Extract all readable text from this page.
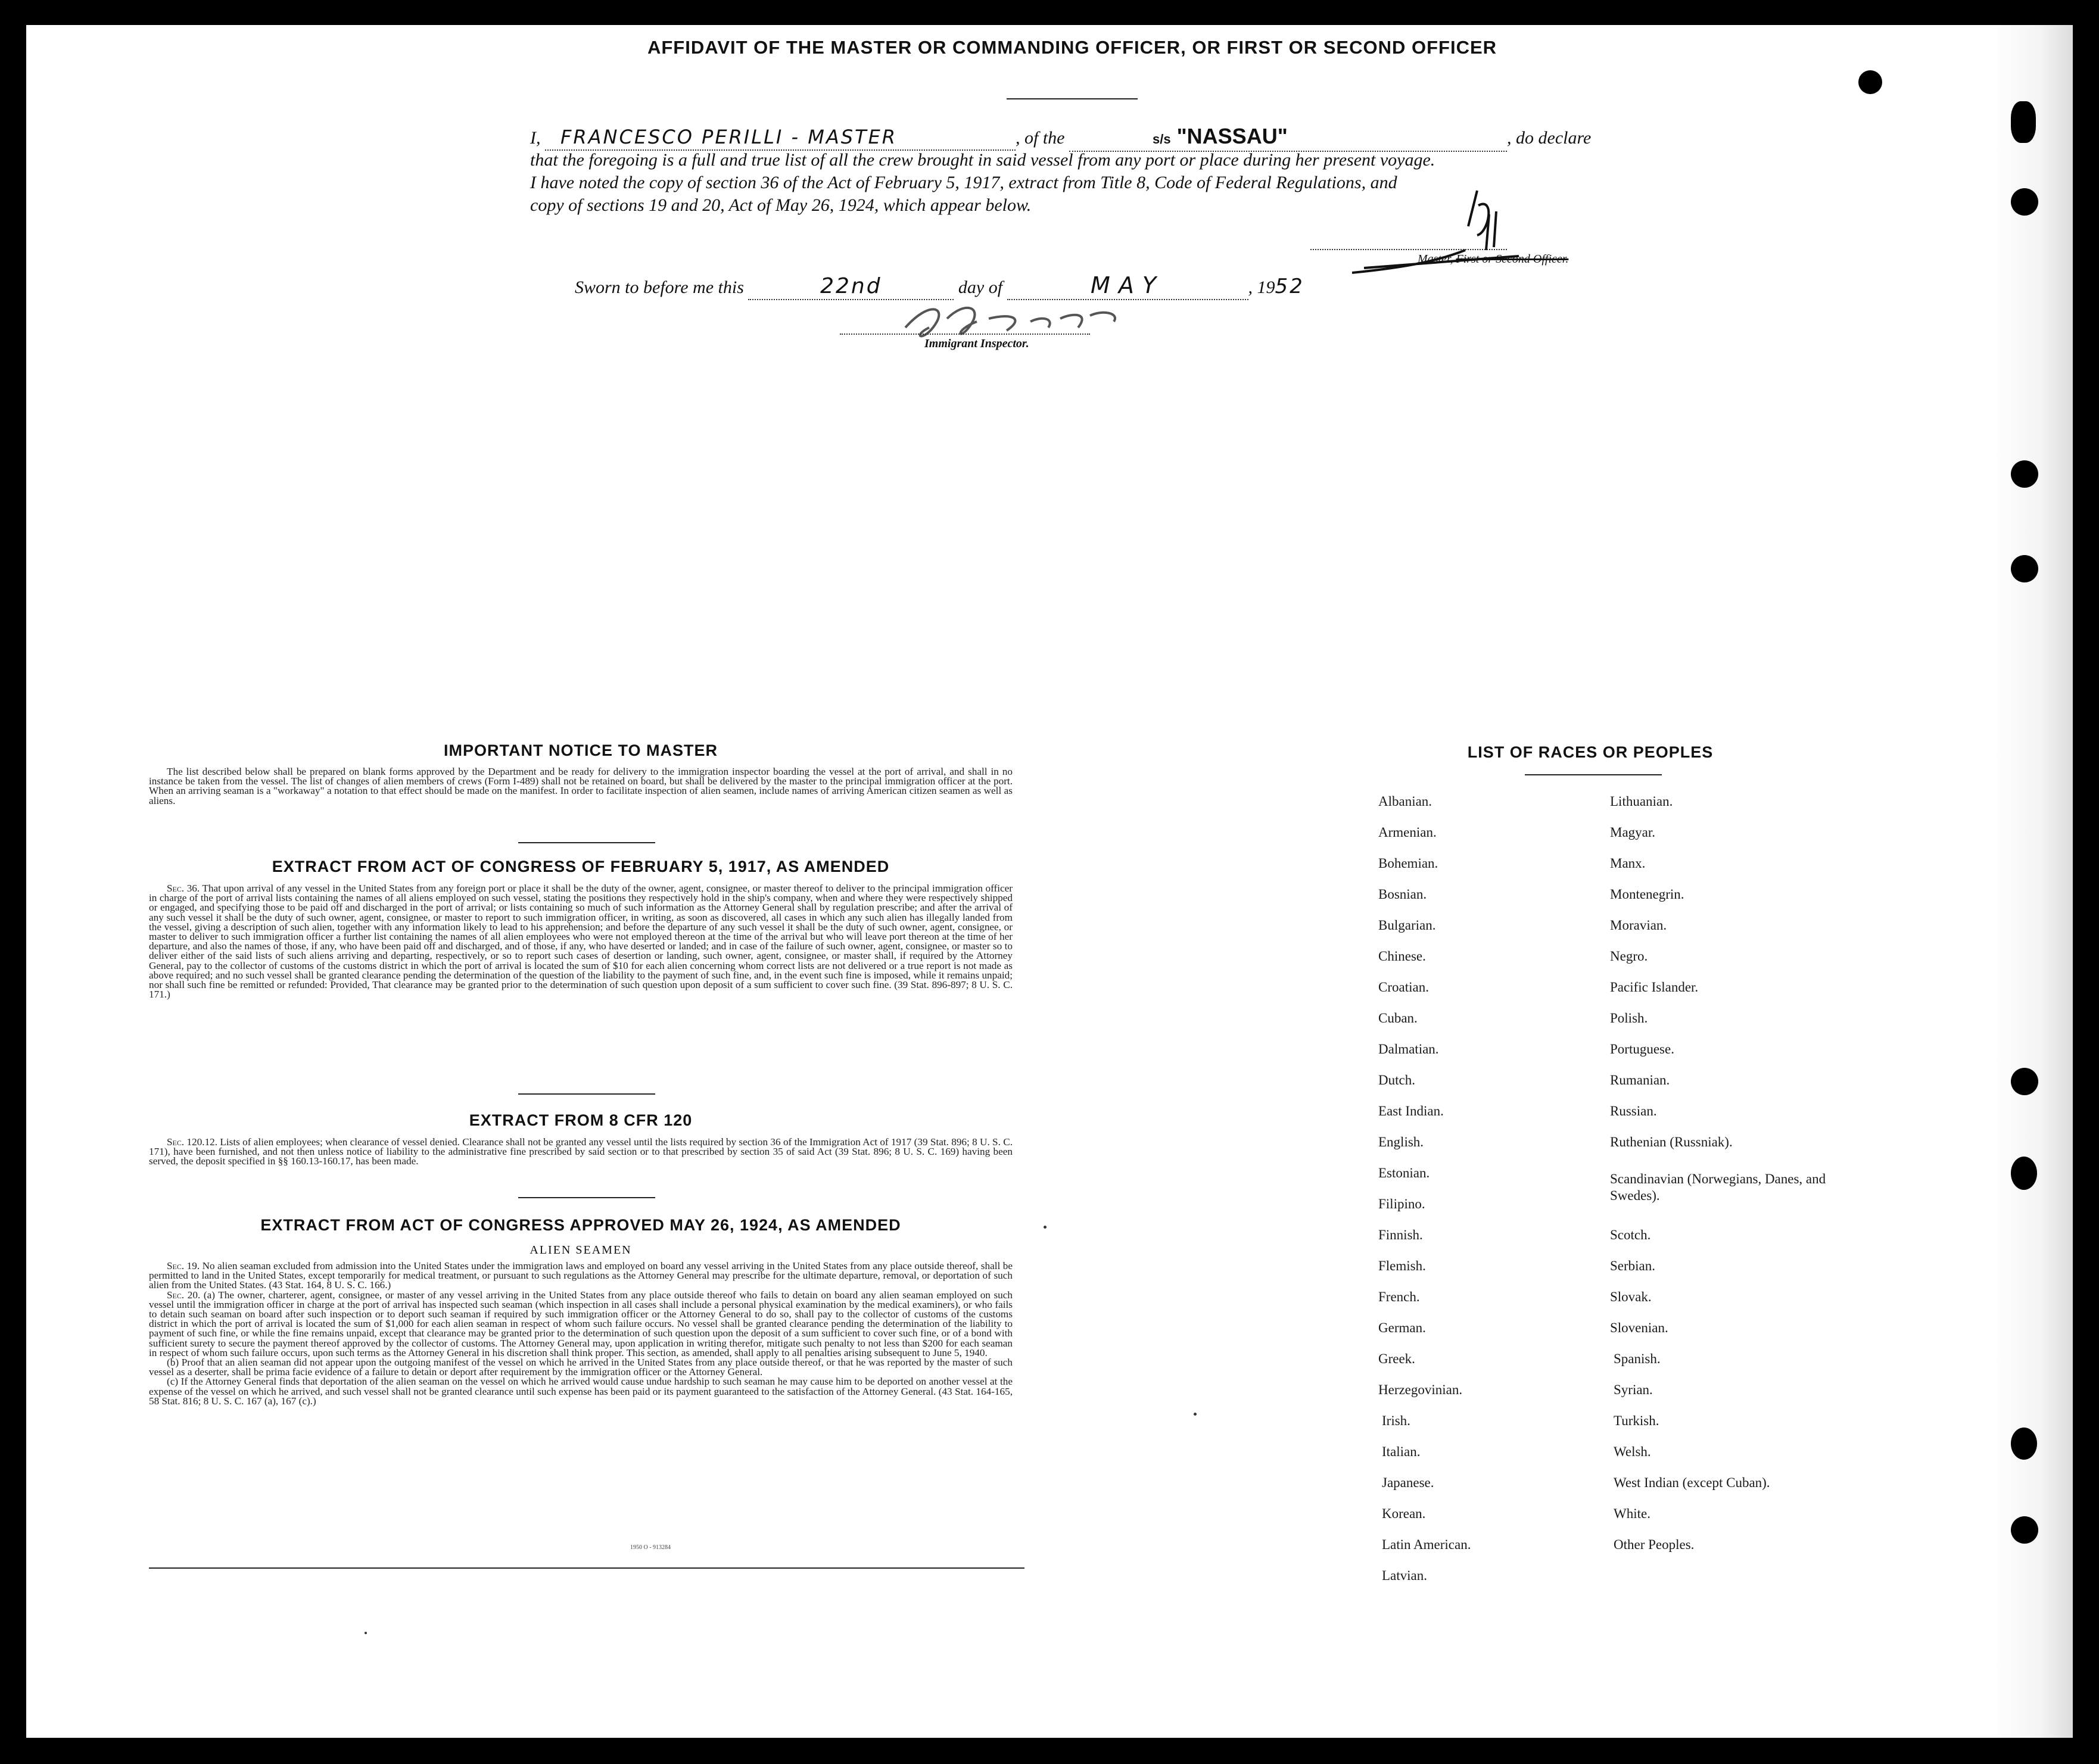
AFFIDAVIT OF THE MASTER OR COMMANDING OFFICER, OR FIRST OR SECOND OFFICER
I, FRANCESCO PERILLI - MASTER	, of the	s/s "NASSAU"	, do declare
that the foregoing is a full and true list of all the crew brought in said vessel from any port or place during her present voyage.
I have noted the copy of section 36 of the Act of February 5, 1917, extract from Title 8, Code of Federal Regulations, and
copy of sections 19 and 20, Act of May 26, 1924, which appear below.
Master, First or Second Officer.
Sworn to before me this	22nd	day of	MAY	, 1952
Immigrant Inspector.
IMPORTANT NOTICE TO MASTER

The list described below shall be prepared on blank forms approved by the Department and be ready for delivery to the immigration inspector boarding the vessel at the port of arrival, and shall in no instance be taken from the vessel. The list of changes of alien members of crews (Form I-489) shall not be retained on board, but shall be delivered by the master to the principal immigration officer at the port. When an arriving seaman is a "workaway" a notation to that effect should be made on the manifest. In order to facilitate inspection of alien seamen, include names of arriving American citizen seamen as well as aliens.

EXTRACT FROM ACT OF CONGRESS OF FEBRUARY 5, 1917, AS AMENDED

Sec. 36. That upon arrival of any vessel in the United States from any foreign port or place it shall be the duty of the owner, agent, consignee, or master thereof to deliver to the principal immigration officer in charge of the port of arrival lists containing the names of all aliens employed on such vessel, stating the positions they respectively hold in the ship's company, when and where they were respectively shipped or engaged, and specifying those to be paid off and discharged in the port of arrival; or lists containing so much of such information as the Attorney General shall by regulation prescribe; and after the arrival of any such vessel it shall be the duty of such owner, agent, consignee, or master to report to such immigration officer, in writing, as soon as discovered, all cases in which any such alien has illegally landed from the vessel, giving a description of such alien, together with any information likely to lead to his apprehension; and before the departure of any such vessel it shall be the duty of such owner, agent, consignee, or master to deliver to such immigration officer a further list containing the names of all alien employees who were not employed thereon at the time of the arrival but who will leave port thereon at the time of her departure, and also the names of those, if any, who have been paid off and discharged, and of those, if any, who have deserted or landed; and in case of the failure of such owner, agent, consignee, or master so to deliver either of the said lists of such aliens arriving and departing, respectively, or so to report such cases of desertion or landing, such owner, agent, consignee, or master shall, if required by the Attorney General, pay to the collector of customs of the customs district in which the port of arrival is located the sum of $10 for each alien concerning whom correct lists are not delivered or a true report is not made as above required; and no such vessel shall be granted clearance pending the determination of the question of the liability to the payment of such fine, and, in the event such fine is imposed, while it remains unpaid; nor shall such fine be remitted or refunded: Provided, That clearance may be granted prior to the determination of such question upon deposit of a sum sufficient to cover such fine. (39 Stat. 896-897; 8 U. S. C. 171.)

EXTRACT FROM 8 CFR 120

Sec. 120.12. Lists of alien employees; when clearance of vessel denied. Clearance shall not be granted any vessel until the lists required by section 36 of the Immigration Act of 1917 (39 Stat. 896; 8 U. S. C. 171), have been furnished, and not then unless notice of liability to the administrative fine prescribed by said section or to that prescribed by section 35 of said Act (39 Stat. 896; 8 U. S. C. 169) having been served, the deposit specified in §§ 160.13-160.17, has been made.

EXTRACT FROM ACT OF CONGRESS APPROVED MAY 26, 1924, AS AMENDED
ALIEN SEAMEN

Sec. 19. No alien seaman excluded from admission into the United States under the immigration laws and employed on board any vessel arriving in the United States from any place outside thereof, shall be permitted to land in the United States, except temporarily for medical treatment, or pursuant to such regulations as the Attorney General may prescribe for the ultimate departure, removal, or deportation of such alien from the United States. (43 Stat. 164, 8 U. S. C. 166.)

Sec. 20. (a) The owner, charterer, agent, consignee, or master of any vessel arriving in the United States from any place outside thereof who fails to detain on board any alien seaman employed on such vessel until the immigration officer in charge at the port of arrival has inspected such seaman (which inspection in all cases shall include a personal physical examination by the medical examiners), or who fails to detain such seaman on board after such inspection or to deport such seaman if required by such immigration officer or the Attorney General to do so, shall pay to the collector of customs of the customs district in which the port of arrival is located the sum of $1,000 for each alien seaman in respect of whom such failure occurs. No vessel shall be granted clearance pending the determination of the liability to payment of such fine, or while the fine remains unpaid, except that clearance may be granted prior to the determination of such question upon the deposit of a sum sufficient to cover such fine, or of a bond with sufficient surety to secure the payment thereof approved by the collector of customs. The Attorney General may, upon application in writing therefor, mitigate such penalty to not less than $200 for each seaman in respect of whom such failure occurs, upon such terms as the Attorney General in his discretion shall think proper. This section, as amended, shall apply to all penalties arising subsequent to June 5, 1940.

(b) Proof that an alien seaman did not appear upon the outgoing manifest of the vessel on which he arrived in the United States from any place outside thereof, or that he was reported by the master of such vessel as a deserter, shall be prima facie evidence of a failure to detain or deport after requirement by the immigration officer or the Attorney General.

(c) If the Attorney General finds that deportation of the alien seaman on the vessel on which he arrived would cause undue hardship to such seaman he may cause him to be deported on another vessel at the expense of the vessel on which he arrived, and such vessel shall not be granted clearance until such expense has been paid or its payment guaranteed to the satisfaction of the Attorney General. (43 Stat. 164-165, 58 Stat. 816; 8 U. S. C. 167 (a), 167 (c).)

1950 O - 913284
LIST OF RACES OR PEOPLES
Albanian.
Armenian.
Bohemian.
Bosnian.
Bulgarian.
Chinese.
Croatian.
Cuban.
Dalmatian.
Dutch.
East Indian.
English.
Estonian.
Filipino.
Finnish.
Flemish.
French.
German.
Greek.
Herzegovinian.
Irish.
Italian.
Japanese.
Korean.
Latin American.
Latvian.
Lithuanian.
Magyar.
Manx.
Montenegrin.
Moravian.
Negro.
Pacific Islander.
Polish.
Portuguese.
Rumanian.
Russian.
Ruthenian (Russniak).
Scandinavian (Norwegians, Danes, and Swedes).
Scotch.
Serbian.
Slovak.
Slovenian.
Spanish.
Syrian.
Turkish.
Welsh.
West Indian (except Cuban).
White.
Other Peoples.
